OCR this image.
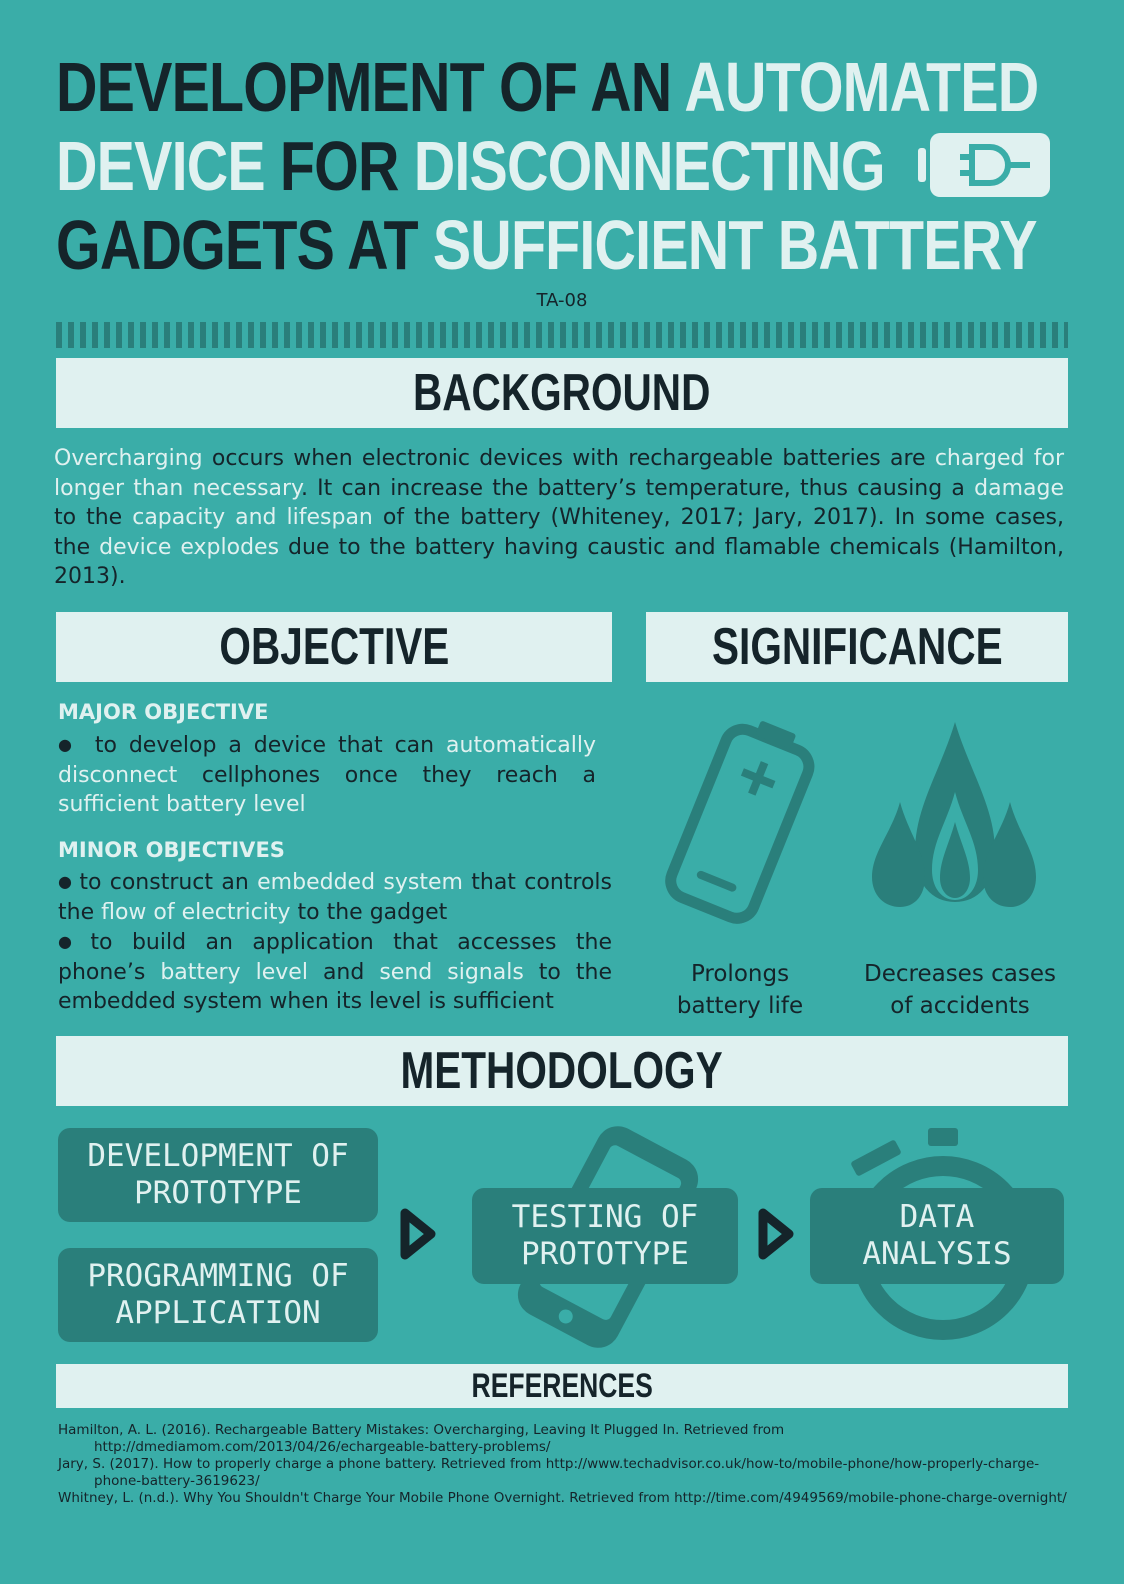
DEVELOPMENT OF AN AUTOMATED
DEVICE FOR DISCONNECTING
GADGETS AT SUFFICIENT BATTERY
TA-08
BACKGROUND
Overcharging occurs when electronic devices with rechargeable batteries are charged for longer than necessary. It can increase the battery’s temperature, thus causing a damage to the capacity and lifespan of the battery (Whiteney, 2017; Jary, 2017). In some cases, the device explodes due to the battery having caustic and flamable chemicals (Hamilton, 2013).
OBJECTIVE
MAJOR OBJECTIVE
● to develop a device that can automatically disconnect cellphones once they reach a sufficient battery level
MINOR OBJECTIVES
● to construct an embedded system that controls the flow of electricity to the gadget
● to build an application that accesses the phone’s battery level and send signals to the embedded system when its level is sufficient
SIGNIFICANCE
Prolongs
battery life
Decreases cases
of accidents
METHODOLOGY
DEVELOPMENT OF
PROTOTYPE
PROGRAMMING OF
APPLICATION
TESTING OF
PROTOTYPE
DATA
ANALYSIS
REFERENCES

Hamilton, A. L. (2016). Rechargeable Battery Mistakes: Overcharging, Leaving It Plugged In. Retrieved from http://dmediamom.com/2013/04/26/echargeable-battery-problems/

Jary, S. (2017). How to properly charge a phone battery. Retrieved from http://www.techadvisor.co.uk/how-to/mobile-phone/how-properly-charge-phone-battery-3619623/

Whitney, L. (n.d.). Why You Shouldn't Charge Your Mobile Phone Overnight. Retrieved from http://time.com/4949569/mobile-phone-charge-overnight/
